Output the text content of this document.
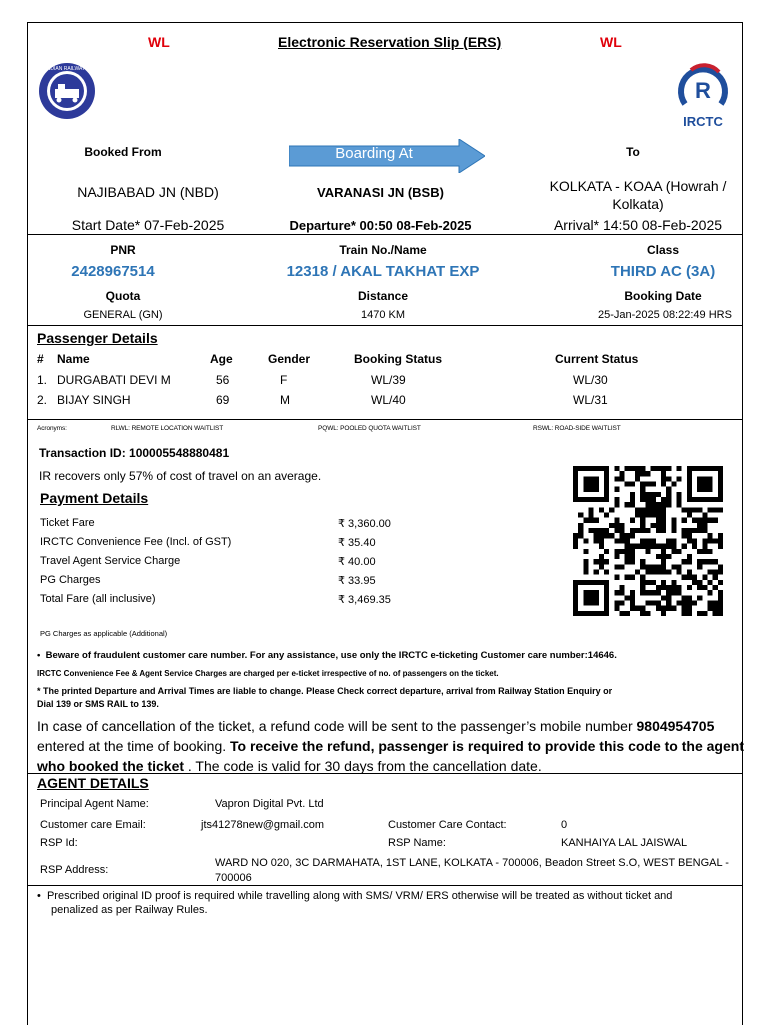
WL	Electronic Reservation Slip (ERS)	WL
INDIAN RAILWAYS
R
IRCTC
Booked From	Boarding At	To
NAJIBABAD JN (NBD)	VARANASI JN (BSB)	KOLKATA - KOAA (Howrah /
Kolkata)
Start Date* 07-Feb-2025	Departure* 00:50 08-Feb-2025	Arrival* 14:50 08-Feb-2025
PNR	Train No./Name	Class
2428967514	12318 / AKAL TAKHAT EXP	THIRD AC (3A)
Quota	Distance	Booking Date
GENERAL (GN)	1470 KM	25-Jan-2025 08:22:49 HRS
Passenger Details
# Name	Age	Gender	Booking Status	Current Status
1. DURGABATI DEVI M	56	F	WL/39	WL/30
2. BIJAY SINGH	69	M	WL/40	WL/31
Acronyms:	RLWL: REMOTE LOCATION WAITLIST	PQWL: POOLED QUOTA WAITLIST	RSWL: ROAD-SIDE WAITLIST
Transaction ID: 100005548880481
IR recovers only 57% of cost of travel on an average.
Payment Details
Ticket Fare	₹ 3,360.00
IRCTC Convenience Fee (Incl. of GST)	₹ 35.40
Travel Agent Service Charge	₹ 40.00
PG Charges	₹ 33.95
Total Fare (all inclusive)	₹ 3,469.35
PG Charges as applicable (Additional)
•  Beware of fraudulent customer care number. For any assistance, use only the IRCTC e-ticketing Customer care number:14646.
IRCTC Convenience Fee & Agent Service Charges are charged per e-ticket irrespective of no. of passengers on the ticket.
* The printed Departure and Arrival Times are liable to change. Please Check correct departure, arrival from Railway Station Enquiry or
Dial 139 or SMS RAIL to 139.
In case of cancellation of the ticket, a refund code will be sent to the passenger’s mobile number 9804954705
entered at the time of booking. To receive the refund, passenger is required to provide this code to the agent
who booked the ticket . The code is valid for 30 days from the cancellation date.
AGENT DETAILS
Principal Agent Name:	Vapron Digital Pvt. Ltd
Customer care Email:	jts41278new@gmail.com	Customer Care Contact:	0
RSP Id:	RSP Name:	KANHAIYA LAL JAISWAL
RSP Address:
WARD NO 020, 3C DARMAHATA, 1ST LANE, KOLKATA - 700006, Beadon Street S.O, WEST BENGAL -
700006
•  Prescribed original ID proof is required while travelling along with SMS/ VRM/ ERS otherwise will be treated as without ticket and
penalized as per Railway Rules.
